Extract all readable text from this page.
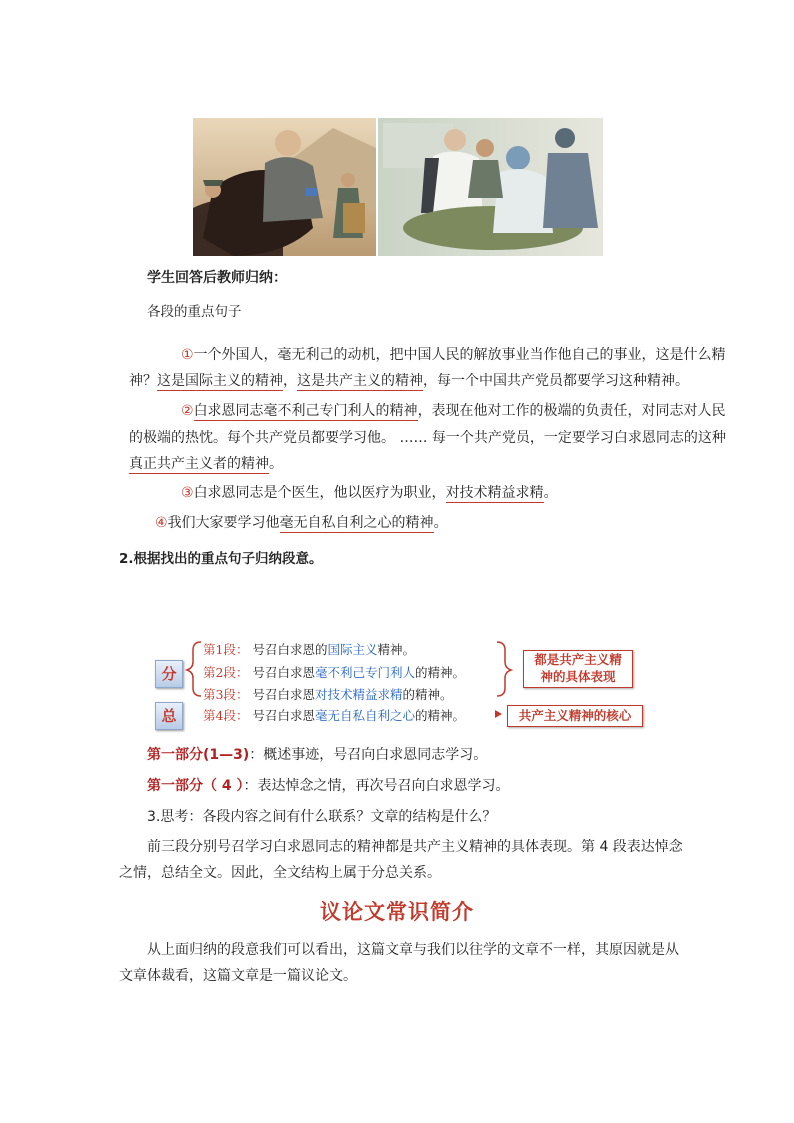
学生回答后教师归纳：
各段的重点句子
①一个外国人，毫无利己的动机，把中国人民的解放事业当作他自己的事业，这是什么精
神？这是国际主义的精神，这是共产主义的精神，每一个中国共产党员都要学习这种精神。
②白求恩同志毫不利己专门利人的精神，表现在他对工作的极端的负责任，对同志对人民
的极端的热忱。每个共产党员都要学习他。 …… 每一个共产党员，一定要学习白求恩同志的这种
真正共产主义者的精神。
③白求恩同志是个医生，他以医疗为职业，对技术精益求精。
④我们大家要学习他毫无自私自利之心的精神。
2.根据找出的重点句子归纳段意。
分
总
第1段： 号召白求恩的国际主义精神。
第2段： 号召白求恩毫不利己专门利人的精神。
第3段： 号召白求恩对技术精益求精的精神。
第4段： 号召白求恩毫无自私自利之心的精神。
都是共产主义精
神的具体表现
共产主义精神的核心
第一部分(1—3)：概述事迹，号召向白求恩同志学习。
第一部分（ 4 ）：表达悼念之情，再次号召向白求恩学习。
3.思考：各段内容之间有什么联系？文章的结构是什么？
前三段分别号召学习白求恩同志的精神都是共产主义精神的具体表现。第 4 段表达悼念
之情，总结全文。因此，全文结构上属于分总关系。
议论文常识简介
从上面归纳的段意我们可以看出，这篇文章与我们以往学的文章不一样，其原因就是从
文章体裁看，这篇文章是一篇议论文。
